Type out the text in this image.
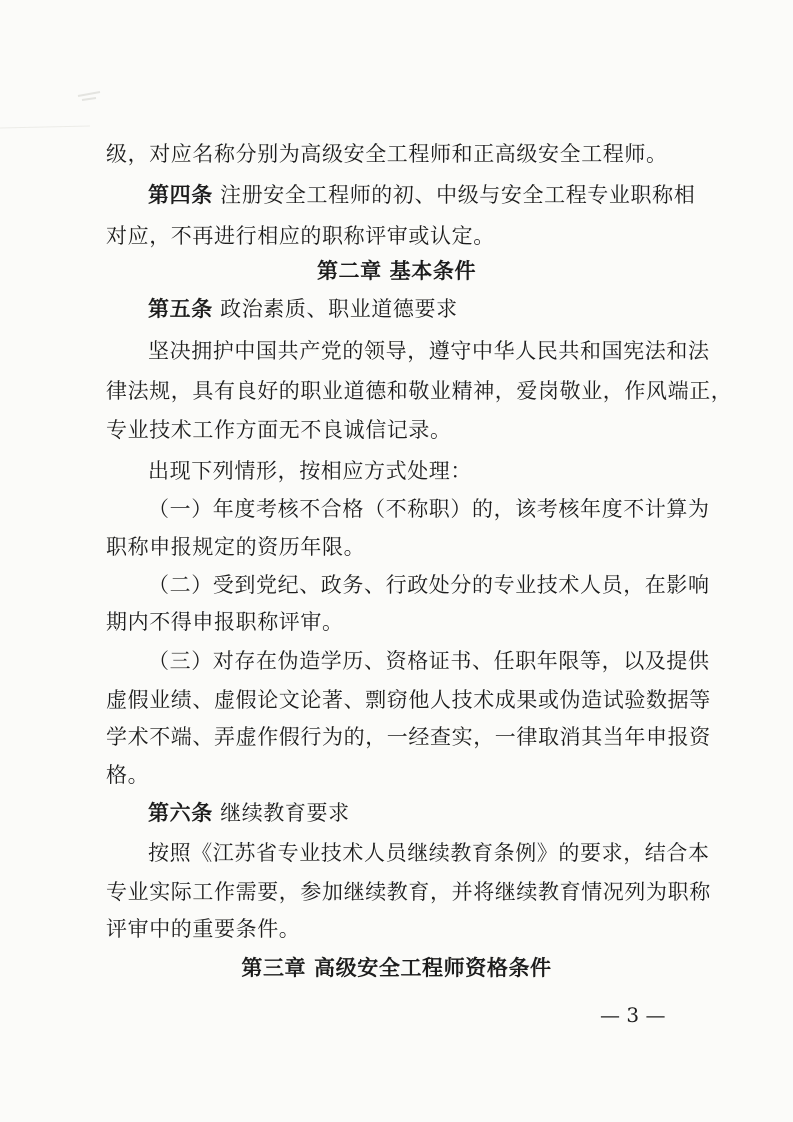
级，对应名称分别为高级安全工程师和正高级安全工程师。
第四条 注册安全工程师的初、中级与安全工程专业职称相
对应，不再进行相应的职称评审或认定。
第二章 基本条件
第五条 政治素质、职业道德要求
坚决拥护中国共产党的领导，遵守中华人民共和国宪法和法
律法规，具有良好的职业道德和敬业精神，爱岗敬业，作风端正，
专业技术工作方面无不良诚信记录。
出现下列情形，按相应方式处理：
（一）年度考核不合格（不称职）的，该考核年度不计算为
职称申报规定的资历年限。
（二）受到党纪、政务、行政处分的专业技术人员，在影响
期内不得申报职称评审。
（三）对存在伪造学历、资格证书、任职年限等，以及提供
虚假业绩、虚假论文论著、剽窃他人技术成果或伪造试验数据等
学术不端、弄虚作假行为的，一经查实，一律取消其当年申报资
格。
第六条 继续教育要求
按照《江苏省专业技术人员继续教育条例》的要求，结合本
专业实际工作需要，参加继续教育，并将继续教育情况列为职称
评审中的重要条件。
第三章 高级安全工程师资格条件
— 3 —
